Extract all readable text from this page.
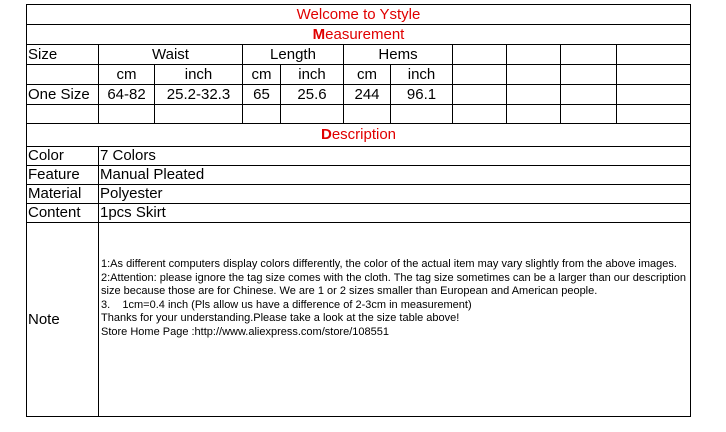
Welcome to Ystyle										
Measurement										
Size	Waist		Length		Hems					
	cm	inch	cm	inch	cm	inch				
One Size	64-82	25.2-32.3	65	25.6	244	96.1				

Description										
Color	7 Colors									
Feature	Manual Pleated									
Material	Polyester									
Content	1pcs Skirt									
Note	1:As different computers display colors differently, the color of the actual item may vary slightly from the above images.
2:Attention: please ignore the tag size comes with the cloth. The tag size sometimes can be a larger than our description size because those are for Chinese. We are 1 or 2 sizes smaller than European and American people.
3.    1cm=0.4 inch (Pls allow us have a difference of 2-3cm in measurement)
Thanks for your understanding.Please take a look at the size table above!
Store Home Page :http://www.aliexpress.com/store/108551									
